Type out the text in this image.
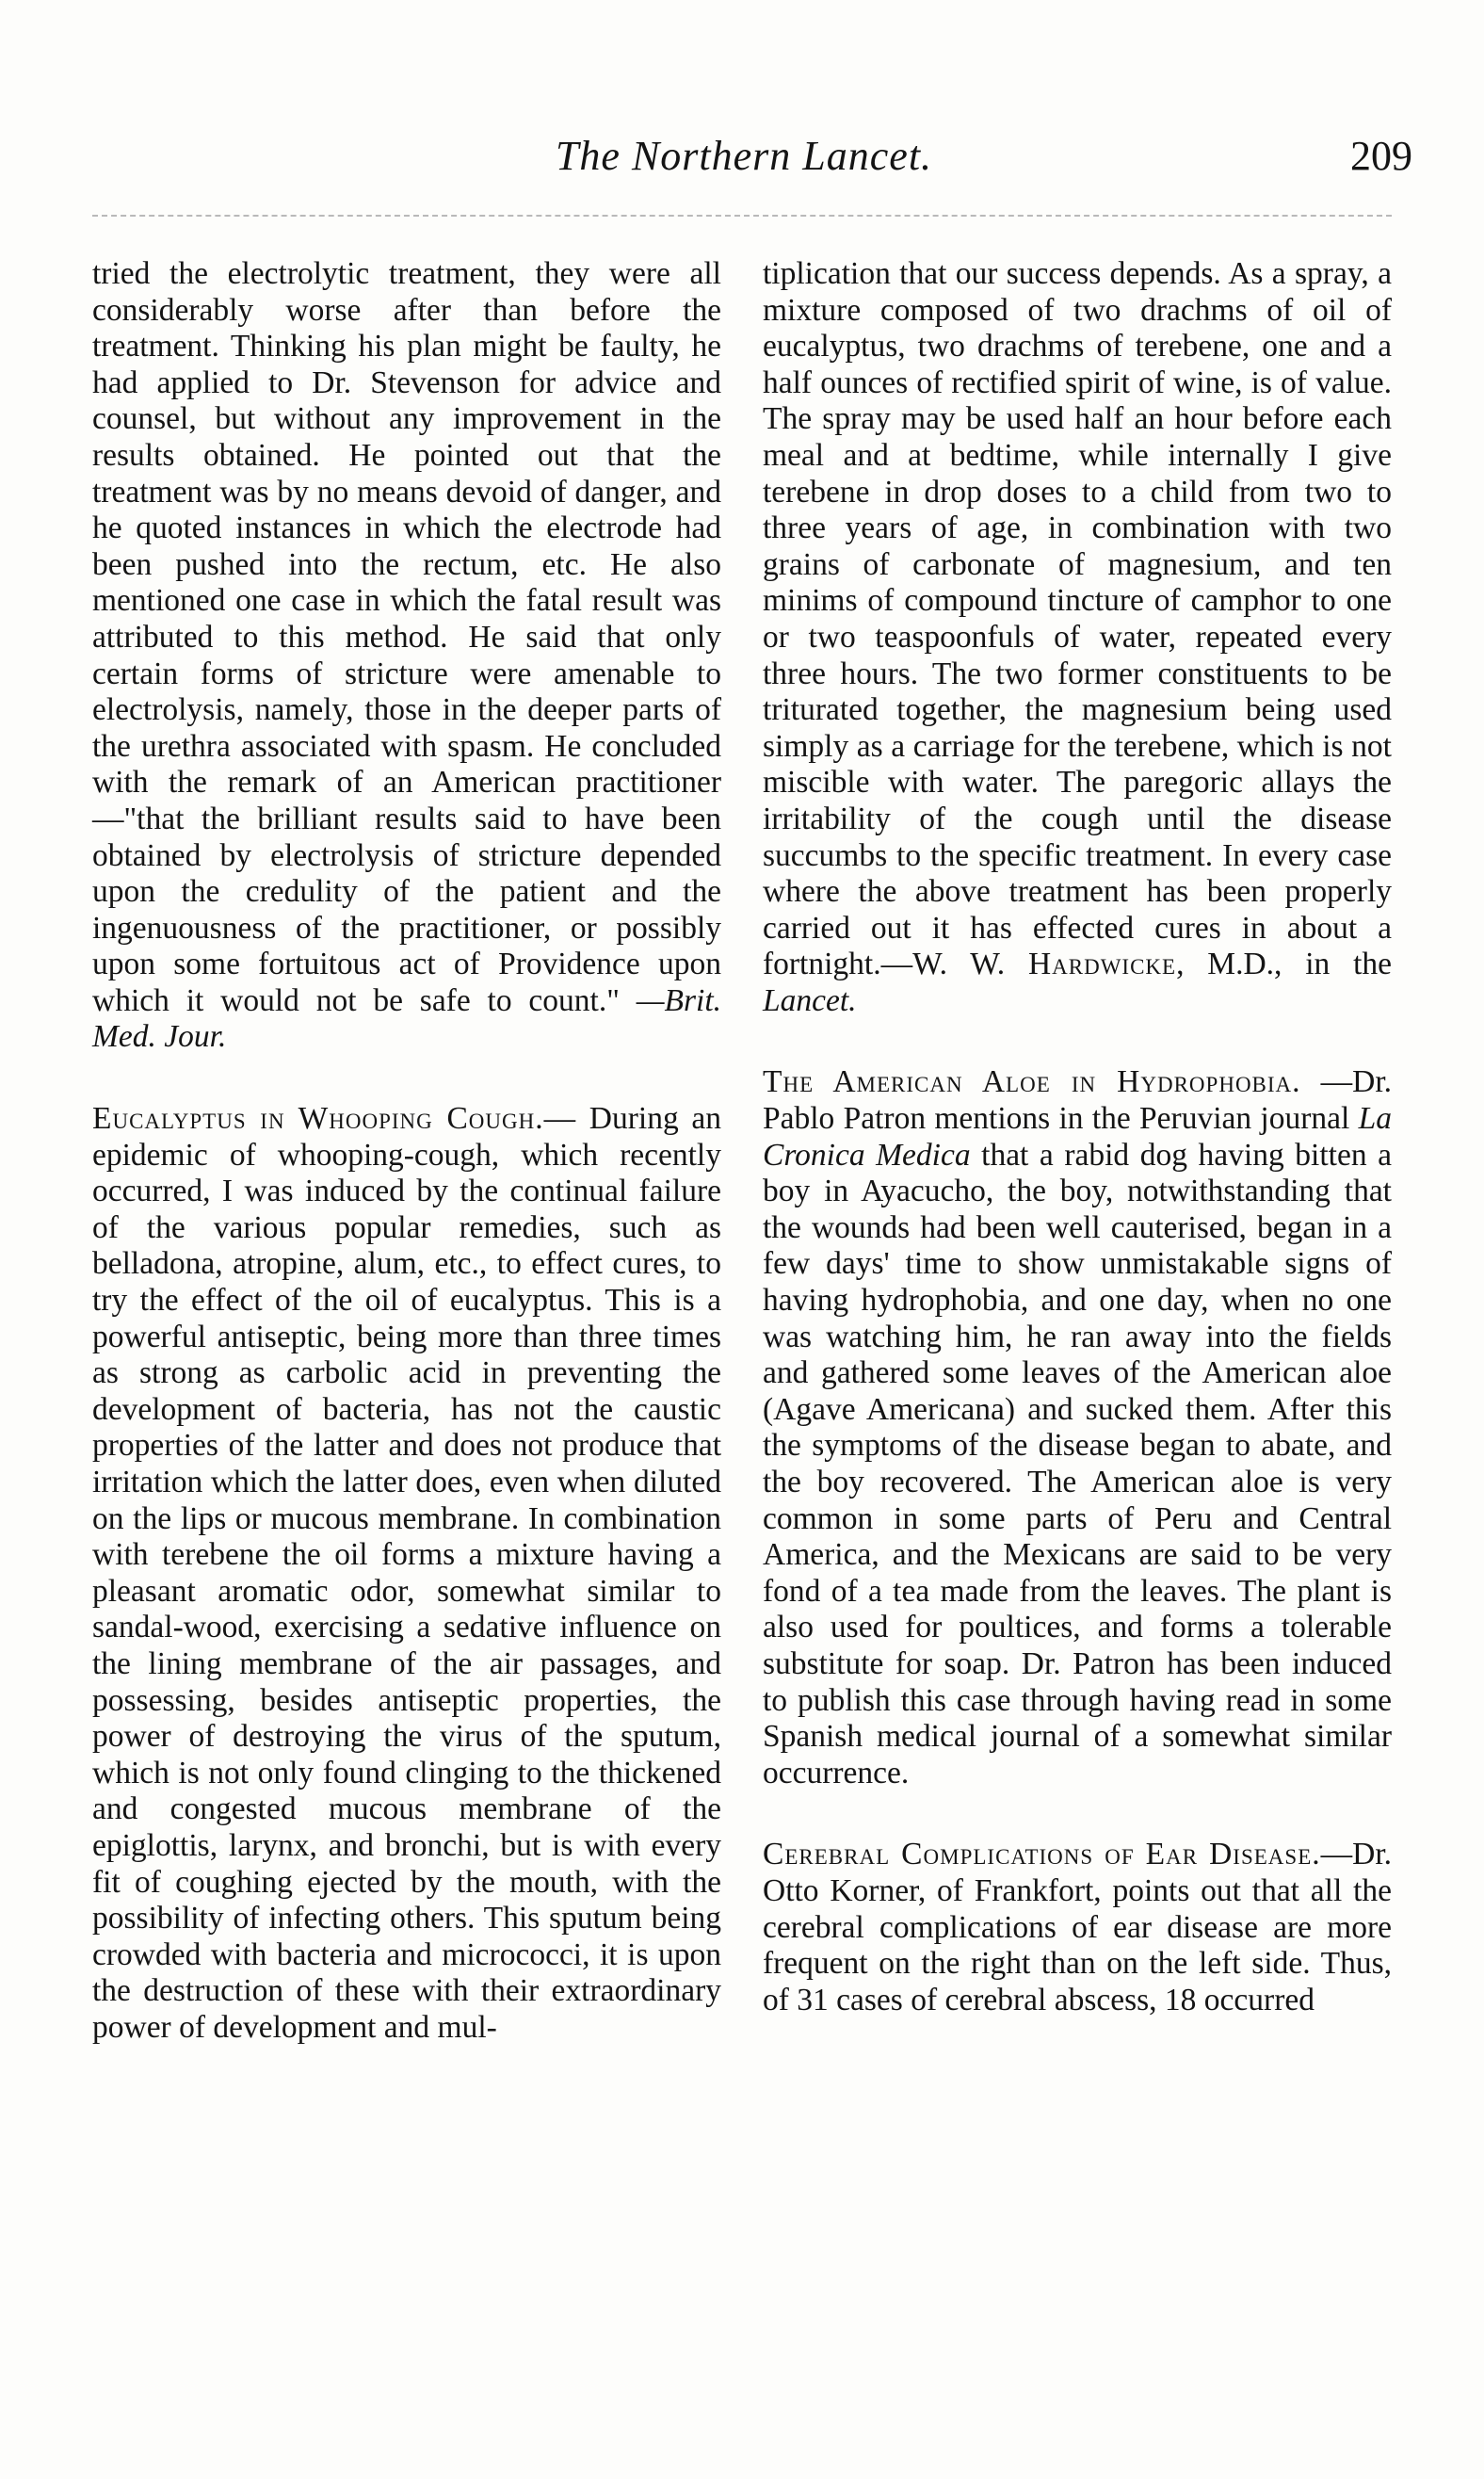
The Northern Lancet.	209

tried the electrolytic treatment, they were all considerably worse after than before the treatment. Thinking his plan might be faulty, he had applied to Dr. Stevenson for advice and counsel, but without any improvement in the results obtained. He pointed out that the treatment was by no means devoid of danger, and he quoted instances in which the electrode had been pushed into the rectum, etc. He also mentioned one case in which the fatal result was attributed to this method. He said that only certain forms of stricture were amenable to electrolysis, namely, those in the deeper parts of the urethra associated with spasm. He concluded with the remark of an American practitioner—"that the brilliant results said to have been obtained by electrolysis of stricture depended upon the credulity of the patient and the ingenuousness of the practitioner, or possibly upon some fortuitous act of Providence upon which it would not be safe to count." —Brit. Med. Jour.

Eucalyptus in Whooping Cough.— During an epidemic of whooping-cough, which recently occurred, I was induced by the continual failure of the various popular remedies, such as belladona, atropine, alum, etc., to effect cures, to try the effect of the oil of eucalyptus. This is a powerful antiseptic, being more than three times as strong as carbolic acid in preventing the development of bacteria, has not the caustic properties of the latter and does not produce that irritation which the latter does, even when diluted on the lips or mucous membrane. In combination with terebene the oil forms a mixture having a pleasant aromatic odor, somewhat similar to sandal-wood, exercising a sedative influence on the lining membrane of the air passages, and possessing, besides antiseptic properties, the power of destroying the virus of the sputum, which is not only found clinging to the thickened and congested mucous membrane of the epiglottis, larynx, and bronchi, but is with every fit of coughing ejected by the mouth, with the possibility of infecting others. This sputum being crowded with bacteria and micrococci, it is upon the destruction of these with their extraordinary power of development and mul-

tiplication that our success depends. As a spray, a mixture composed of two drachms of oil of eucalyptus, two drachms of terebene, one and a half ounces of rectified spirit of wine, is of value. The spray may be used half an hour before each meal and at bedtime, while internally I give terebene in drop doses to a child from two to three years of age, in combination with two grains of carbonate of magnesium, and ten minims of compound tincture of camphor to one or two teaspoonfuls of water, repeated every three hours. The two former constituents to be triturated together, the magnesium being used simply as a carriage for the terebene, which is not miscible with water. The paregoric allays the irritability of the cough until the disease succumbs to the specific treatment. In every case where the above treatment has been properly carried out it has effected cures in about a fortnight.—W. W. Hardwicke, M.D., in the Lancet.

The American Aloe in Hydrophobia. —Dr. Pablo Patron mentions in the Peruvian journal La Cronica Medica that a rabid dog having bitten a boy in Ayacucho, the boy, notwithstanding that the wounds had been well cauterised, began in a few days' time to show unmistakable signs of having hydrophobia, and one day, when no one was watching him, he ran away into the fields and gathered some leaves of the American aloe (Agave Americana) and sucked them. After this the symptoms of the disease began to abate, and the boy recovered. The American aloe is very common in some parts of Peru and Central America, and the Mexicans are said to be very fond of a tea made from the leaves. The plant is also used for poultices, and forms a tolerable substitute for soap. Dr. Patron has been induced to publish this case through having read in some Spanish medical journal of a somewhat similar occurrence.

Cerebral Complications of Ear Disease.—Dr. Otto Korner, of Frankfort, points out that all the cerebral complications of ear disease are more frequent on the right than on the left side. Thus, of 31 cases of cerebral abscess, 18 occurred
